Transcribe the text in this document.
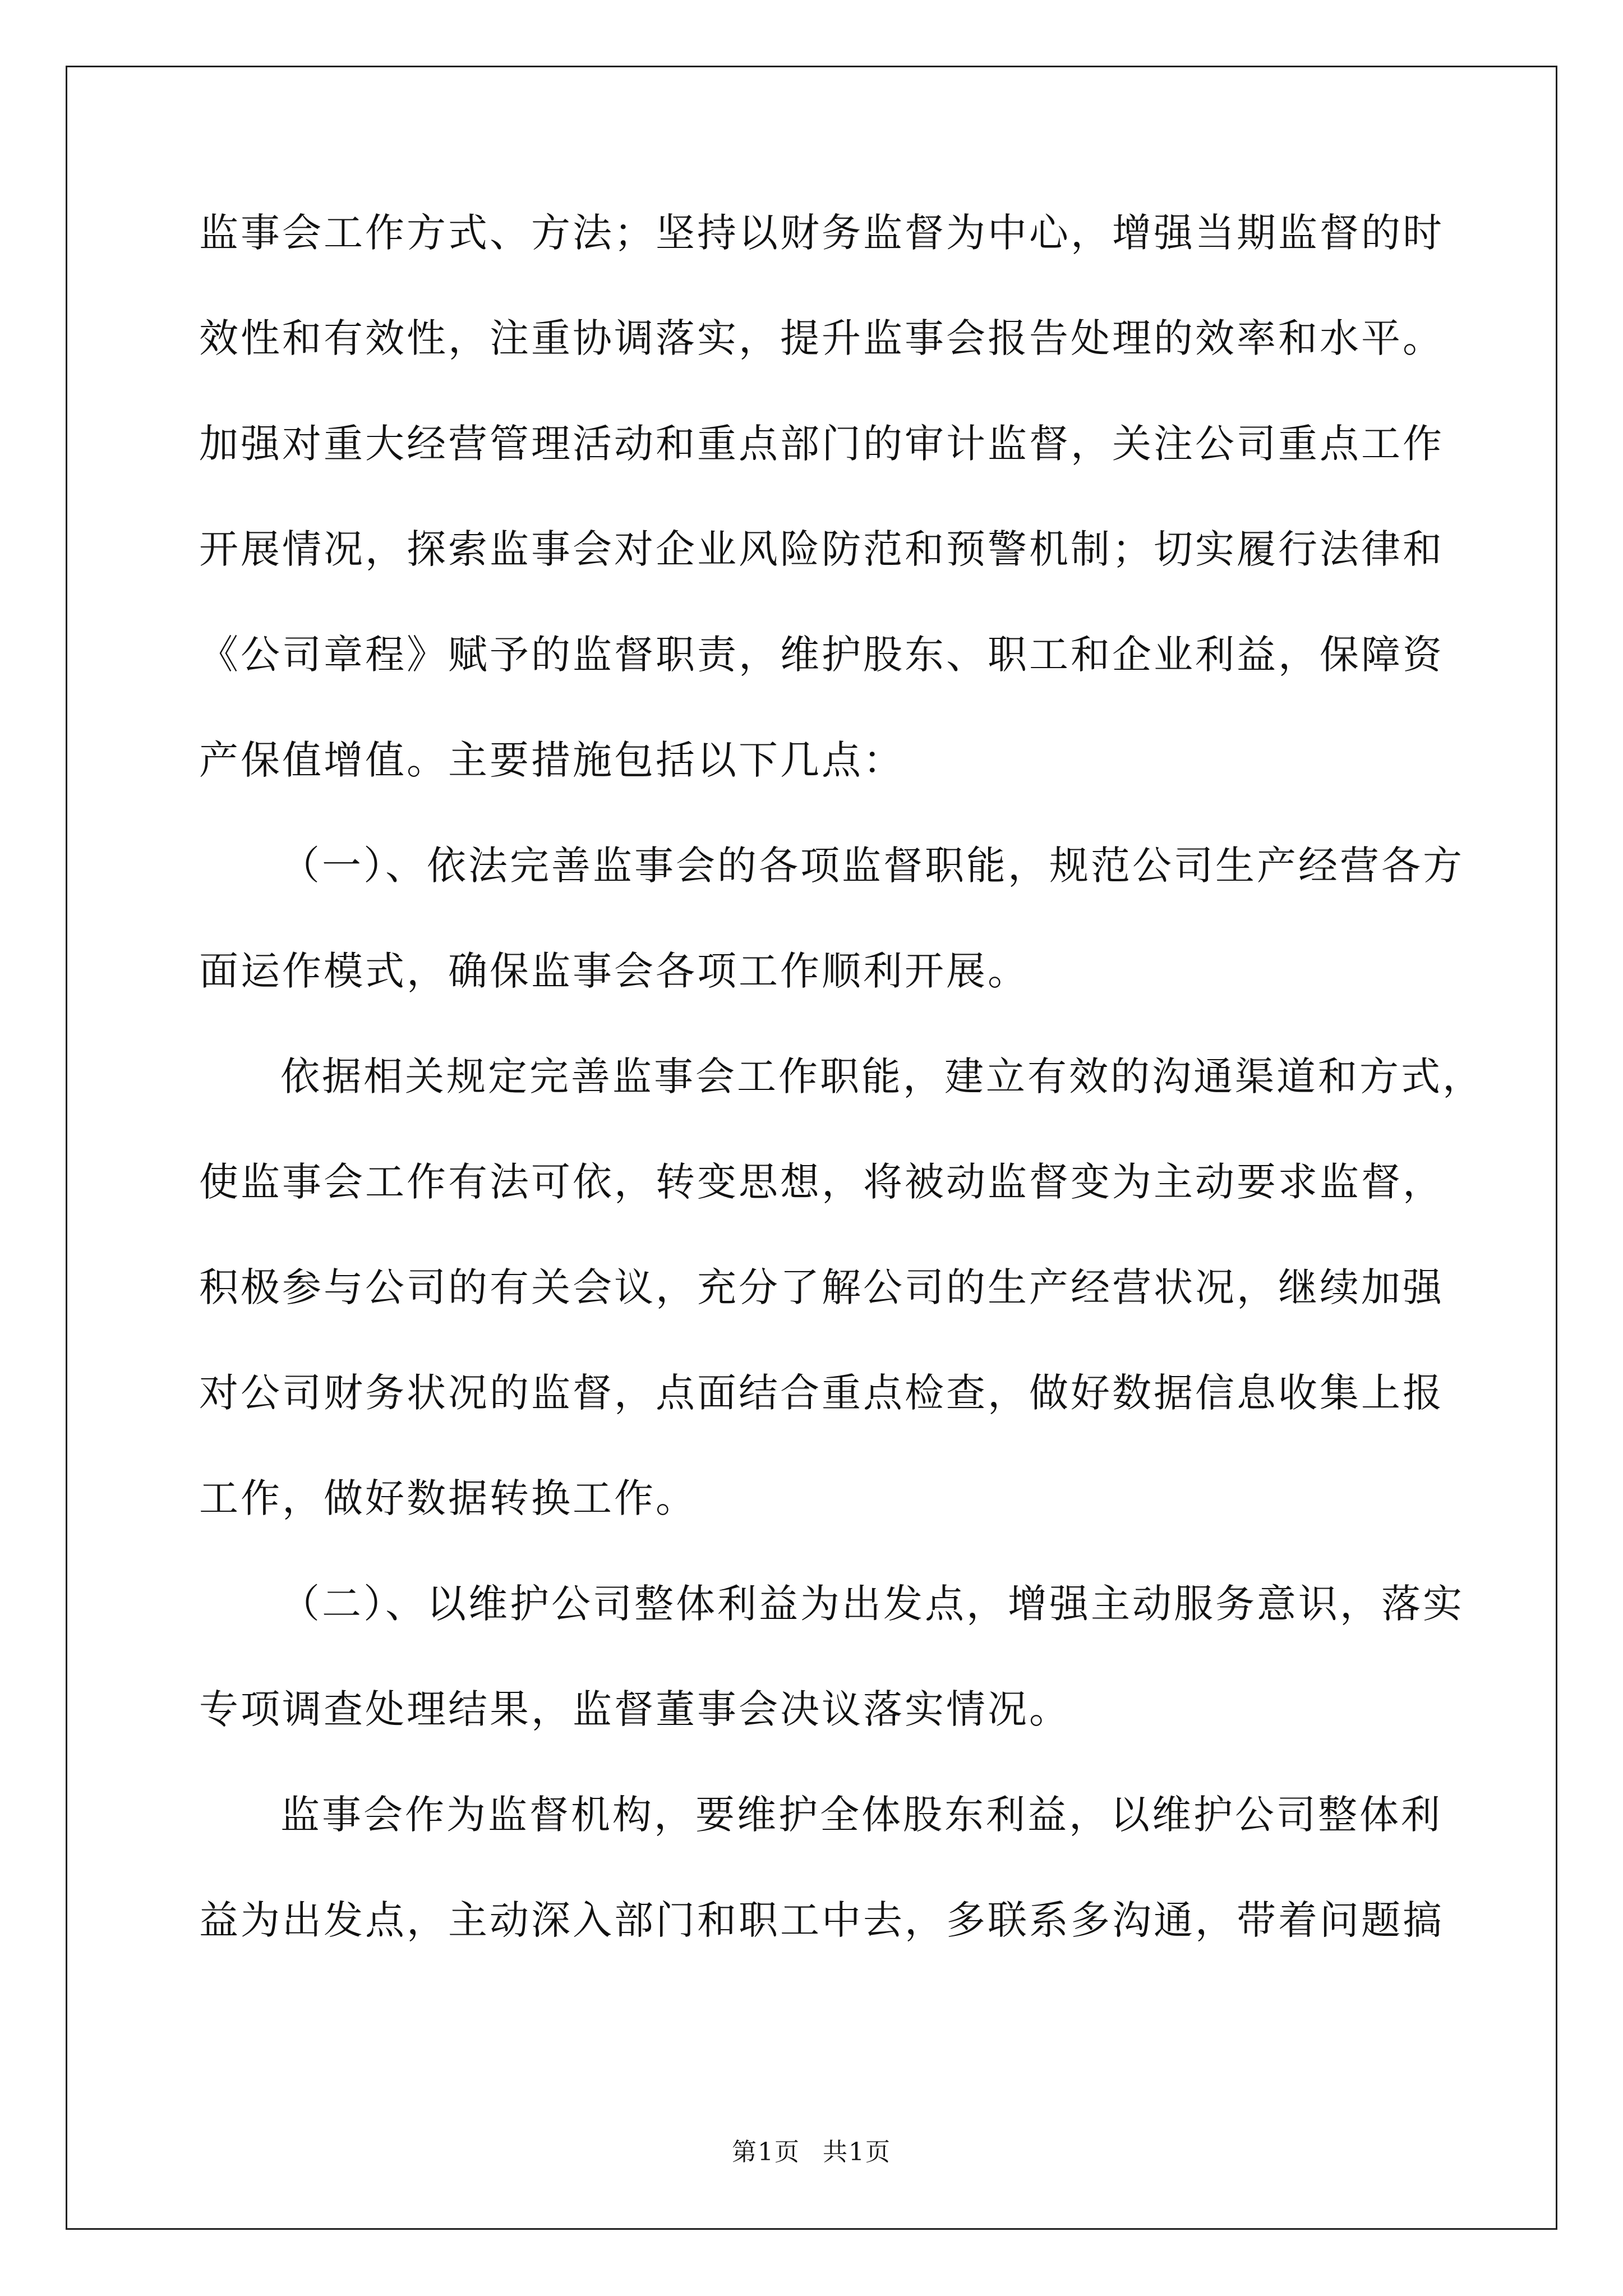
监事会工作方式、方法；坚持以财务监督为中心，增强当期监督的时
效性和有效性，注重协调落实，提升监事会报告处理的效率和水平。
加强对重大经营管理活动和重点部门的审计监督，关注公司重点工作
开展情况，探索监事会对企业风险防范和预警机制；切实履行法律和
《公司章程》赋予的监督职责，维护股东、职工和企业利益，保障资
产保值增值。主要措施包括以下几点：
（一）、依法完善监事会的各项监督职能，规范公司生产经营各方
面运作模式，确保监事会各项工作顺利开展。
依据相关规定完善监事会工作职能，建立有效的沟通渠道和方式，
使监事会工作有法可依，转变思想，将被动监督变为主动要求监督，
积极参与公司的有关会议，充分了解公司的生产经营状况，继续加强
对公司财务状况的监督，点面结合重点检查，做好数据信息收集上报
工作，做好数据转换工作。
（二）、以维护公司整体利益为出发点，增强主动服务意识，落实
专项调查处理结果，监督董事会决议落实情况。
监事会作为监督机构，要维护全体股东利益，以维护公司整体利
益为出发点，主动深入部门和职工中去，多联系多沟通，带着问题搞
第1页 共1页
